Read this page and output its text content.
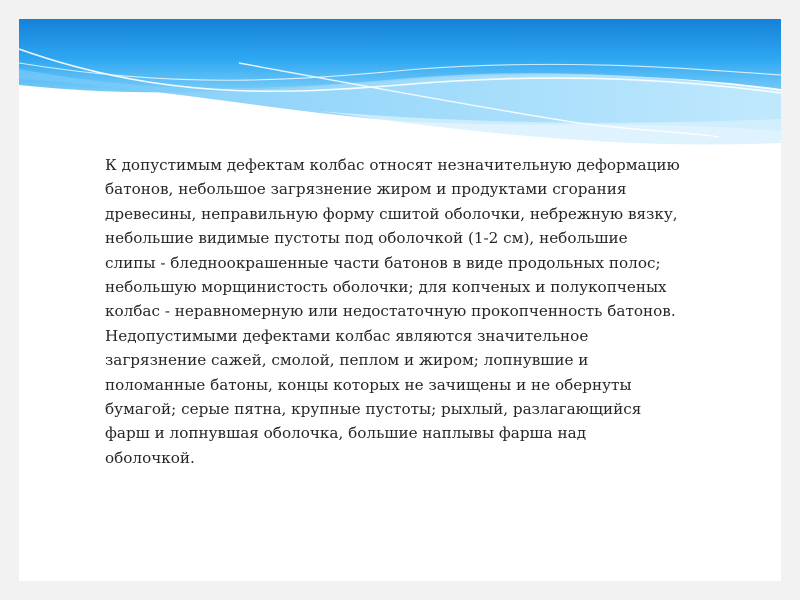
К допустимым дефектам колбас относят незначительную деформацию
батонов, небольшое загрязнение жиром и продуктами сгорания
древесины, неправильную форму сшитой оболочки, небрежную вязку,
небольшие видимые пустоты под оболочкой (1-2 см), небольшие
слипы - бледноокрашенные части батонов в виде продольных полос;
небольшую морщинистость оболочки; для копченых и полукопченых
колбас - неравномерную или недостаточную прокопченность батонов.
Недопустимыми дефектами колбас являются значительное
загрязнение сажей, смолой, пеплом и жиром; лопнувшие и
поломанные батоны, концы которых не зачищены и не обернуты
бумагой; серые пятна, крупные пустоты; рыхлый, разлагающийся
фарш и лопнувшая оболочка, большие наплывы фарша над
оболочкой.
